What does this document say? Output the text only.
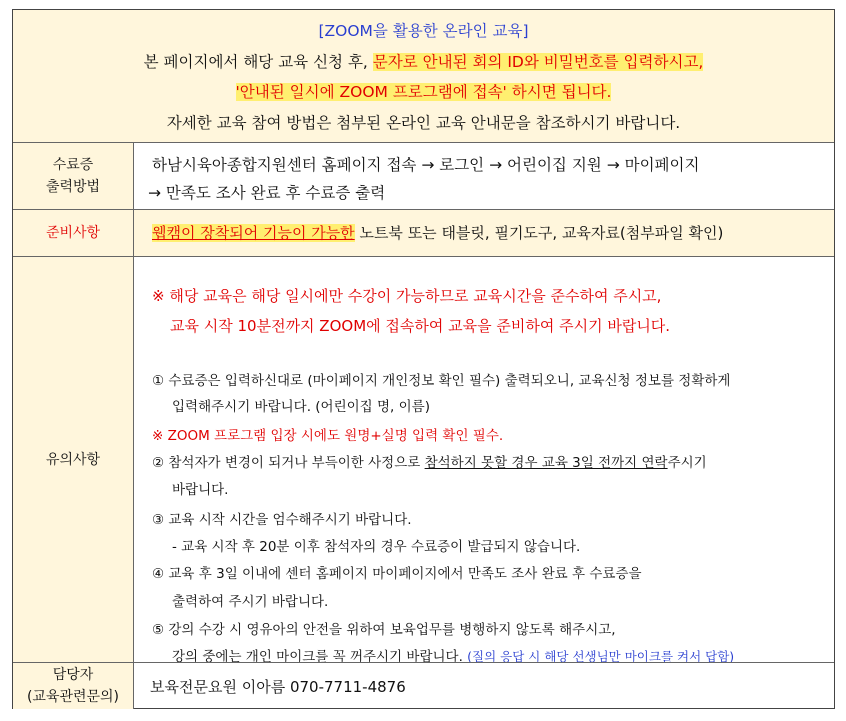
[ZOOM을 활용한 온라인 교육]
본 페이지에서 해당 교육 신청 후, 문자로 안내된 회의 ID와 비밀번호를 입력하시고,
'안내된 일시에 ZOOM 프로그램에 접속' 하시면 됩니다.
자세한 교육 참여 방법은 첨부된 온라인 교육 안내문을 참조하시기 바랍니다.
수료증
출력방법
하남시육아종합지원센터 홈페이지 접속 → 로그인 → 어린이집 지원 → 마이페이지
→ 만족도 조사 완료 후 수료증 출력
준비사항	웹캠이 장착되어 기능이 가능한 노트북 또는 태블릿, 필기도구, 교육자료(첨부파일 확인)
유의사항
※ 해당 교육은 해당 일시에만 수강이 가능하므로 교육시간을 준수하여 주시고,
교육 시작 10분전까지 ZOOM에 접속하여 교육을 준비하여 주시기 바랍니다.
① 수료증은 입력하신대로 (마이페이지 개인정보 확인 필수) 출력되오니, 교육신청 정보를 정확하게
입력해주시기 바랍니다. (어린이집 명, 이름)
※ ZOOM 프로그램 입장 시에도 원명+실명 입력 확인 필수.
② 참석자가 변경이 되거나 부득이한 사정으로 참석하지 못할 경우 교육 3일 전까지 연락주시기
바랍니다.
③ 교육 시작 시간을 엄수해주시기 바랍니다.
- 교육 시작 후 20분 이후 참석자의 경우 수료증이 발급되지 않습니다.
④ 교육 후 3일 이내에 센터 홈페이지 마이페이지에서 만족도 조사 완료 후 수료증을
출력하여 주시기 바랍니다.
⑤ 강의 수강 시 영유아의 안전을 위하여 보육업무를 병행하지 않도록 해주시고,
강의 중에는 개인 마이크를 꼭 꺼주시기 바랍니다. (질의 응답 시 해당 선생님만 마이크를 켜서 답함)
담당자
(교육관련문의)
보육전문요원 이아름 070-7711-4876
